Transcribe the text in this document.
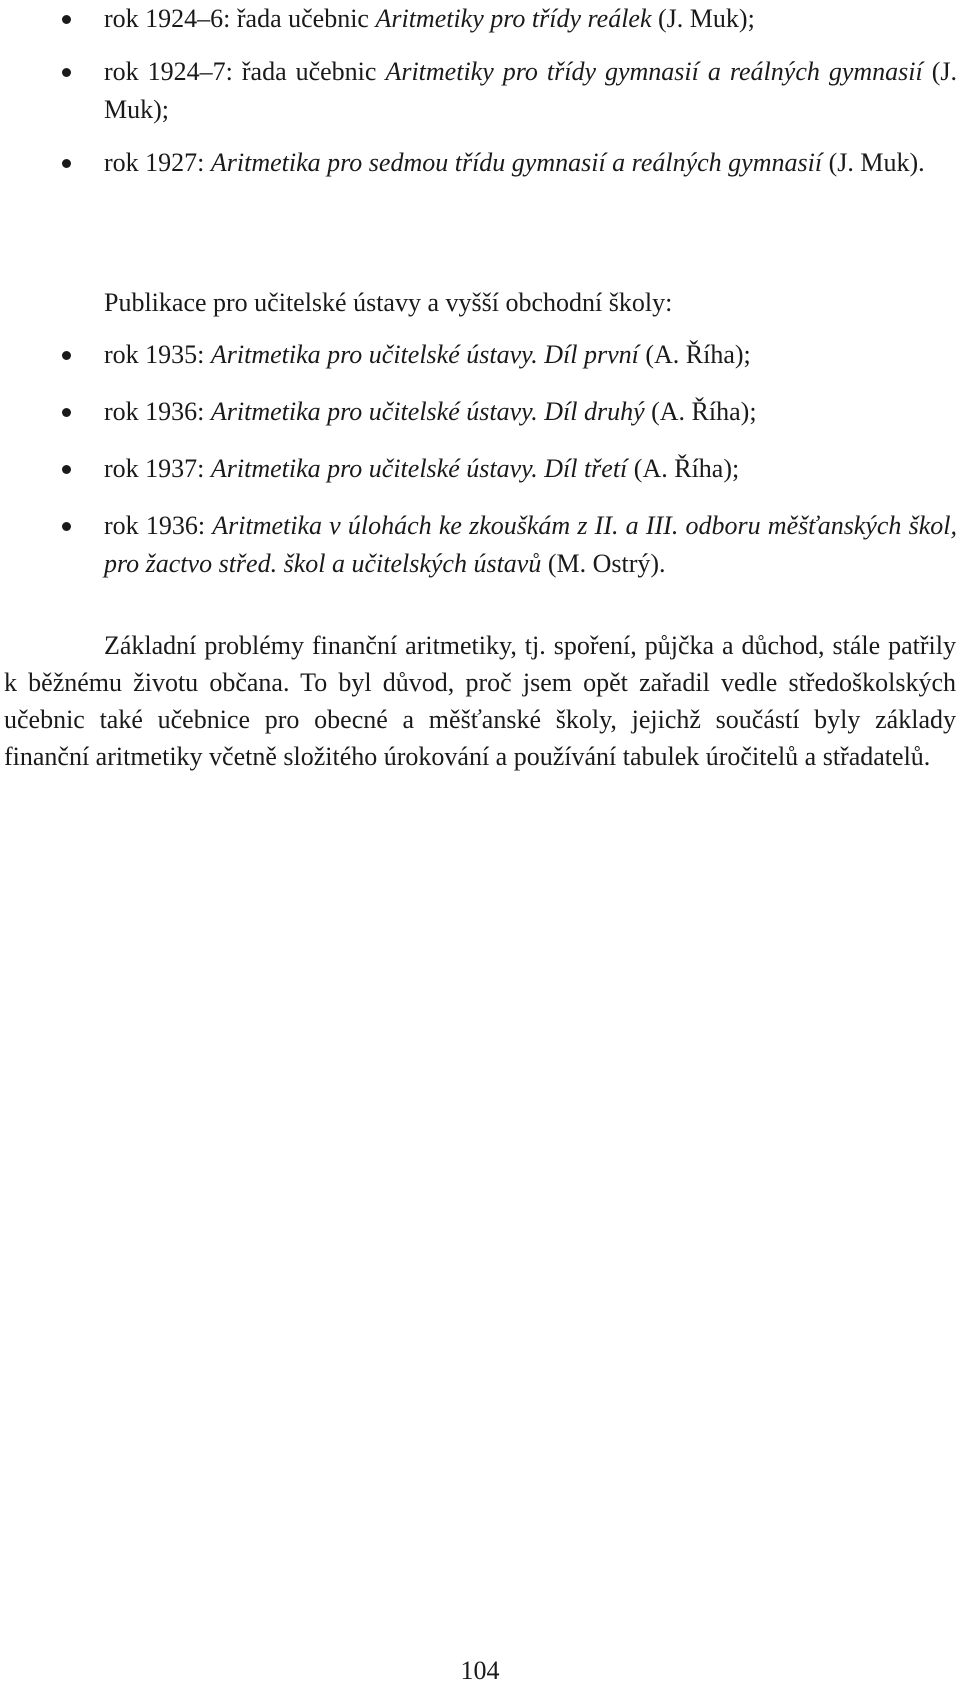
rok 1924–6: řada učebnic Aritmetiky pro třídy reálek (J. Muk);
rok 1924–7: řada učebnic Aritmetiky pro třídy gymnasií a reálných gymnasií (J. Muk);
rok 1927: Aritmetika pro sedmou třídu gymnasií a reálných gymnasií (J. Muk).

Publikace pro učitelské ústavy a vyšší obchodní školy:

rok 1935: Aritmetika pro učitelské ústavy. Díl první (A. Říha);
rok 1936: Aritmetika pro učitelské ústavy. Díl druhý (A. Říha);
rok 1937: Aritmetika pro učitelské ústavy. Díl třetí (A. Říha);
rok 1936: Aritmetika v úlohách ke zkouškám z II. a III. odboru měšťanských škol, pro žactvo střed. škol a učitelských ústavů (M. Ostrý).

Základní problémy finanční aritmetiky, tj. spoření, půjčka a důchod, stále patřily k běžnému životu občana. To byl důvod, proč jsem opět zařadil vedle středoškolských učebnic také učebnice pro obecné a měšťanské školy, jejichž součástí byly základy finanční aritmetiky včetně složitého úrokování a používání tabulek úročitelů a střadatelů.

104
